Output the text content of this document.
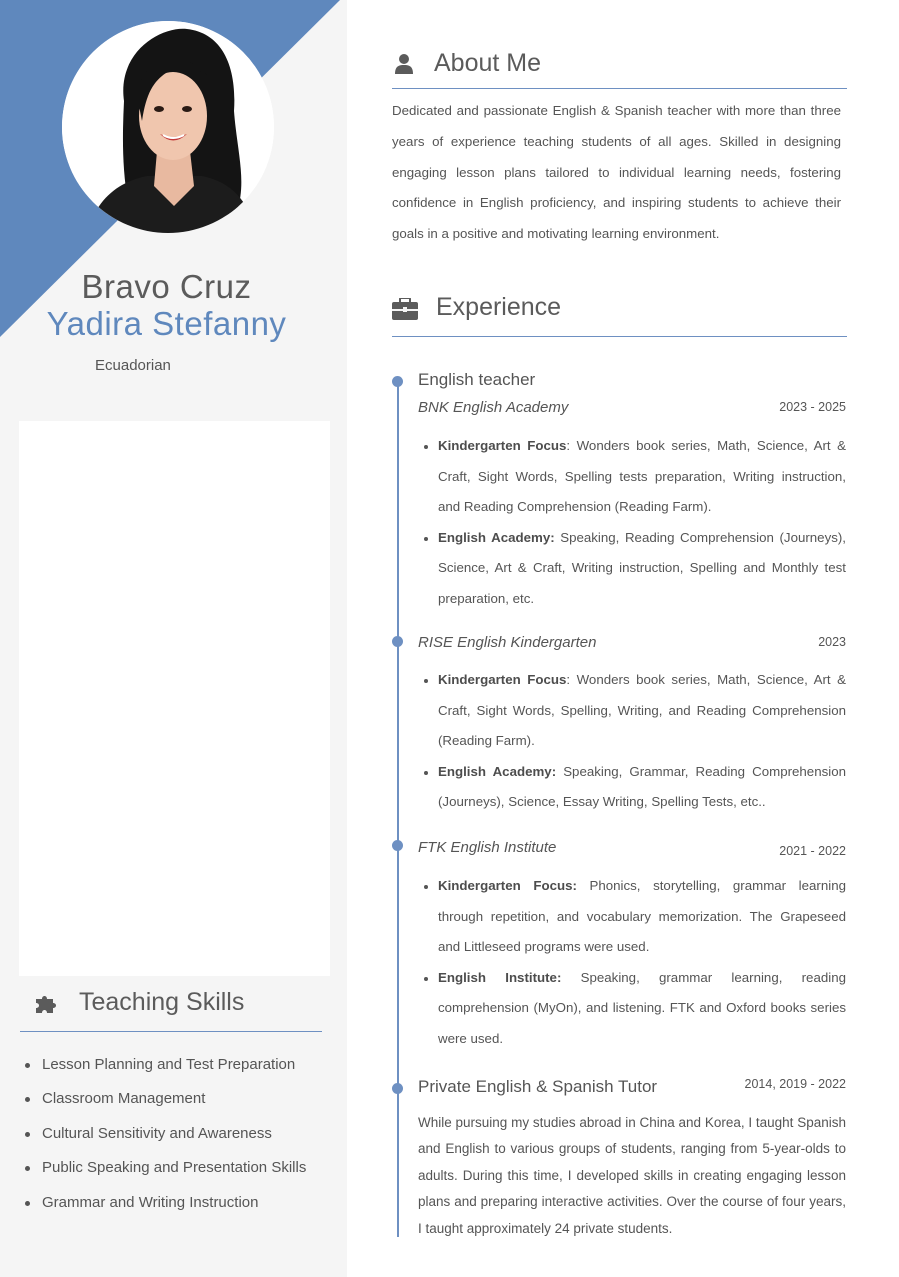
Bravo Cruz
Yadira Stefanny
Ecuadorian
Teaching Skills
Lesson Planning and Test Preparation
Classroom Management
Cultural Sensitivity and Awareness
Public Speaking and Presentation Skills
Grammar and Writing Instruction
About Me

Dedicated and passionate English & Spanish teacher with more than three years of experience teaching students of all ages. Skilled in designing engaging lesson plans tailored to individual learning needs, fostering confidence in English proficiency, and inspiring students to achieve their goals in a positive and motivating learning environment.

Experience
English teacher
BNK English Academy	2023 - 2025
Kindergarten Focus: Wonders book series, Math, Science, Art & Craft, Sight Words, Spelling tests preparation, Writing instruction, and Reading Comprehension (Reading Farm).
English Academy: Speaking, Reading Comprehension (Journeys), Science, Art & Craft, Writing instruction, Spelling and Monthly test preparation, etc.
RISE English Kindergarten	2023
Kindergarten Focus: Wonders book series, Math, Science, Art & Craft, Sight Words, Spelling, Writing, and Reading Comprehension (Reading Farm).
English Academy: Speaking, Grammar, Reading Comprehension (Journeys), Science, Essay Writing, Spelling Tests, etc..
FTK English Institute	2021 - 2022
Kindergarten Focus: Phonics, storytelling, grammar learning through repetition, and vocabulary memorization. The Grapeseed and Littleseed programs were used.
English Institute: Speaking, grammar learning, reading comprehension (MyOn), and listening. FTK and Oxford books series were used.
Private English & Spanish Tutor	2014, 2019 - 2022

While pursuing my studies abroad in China and Korea, I taught Spanish and English to various groups of students, ranging from 5-year-olds to adults. During this time, I developed skills in creating engaging lesson plans and preparing interactive activities. Over the course of four years, I taught approximately 24 private students.
